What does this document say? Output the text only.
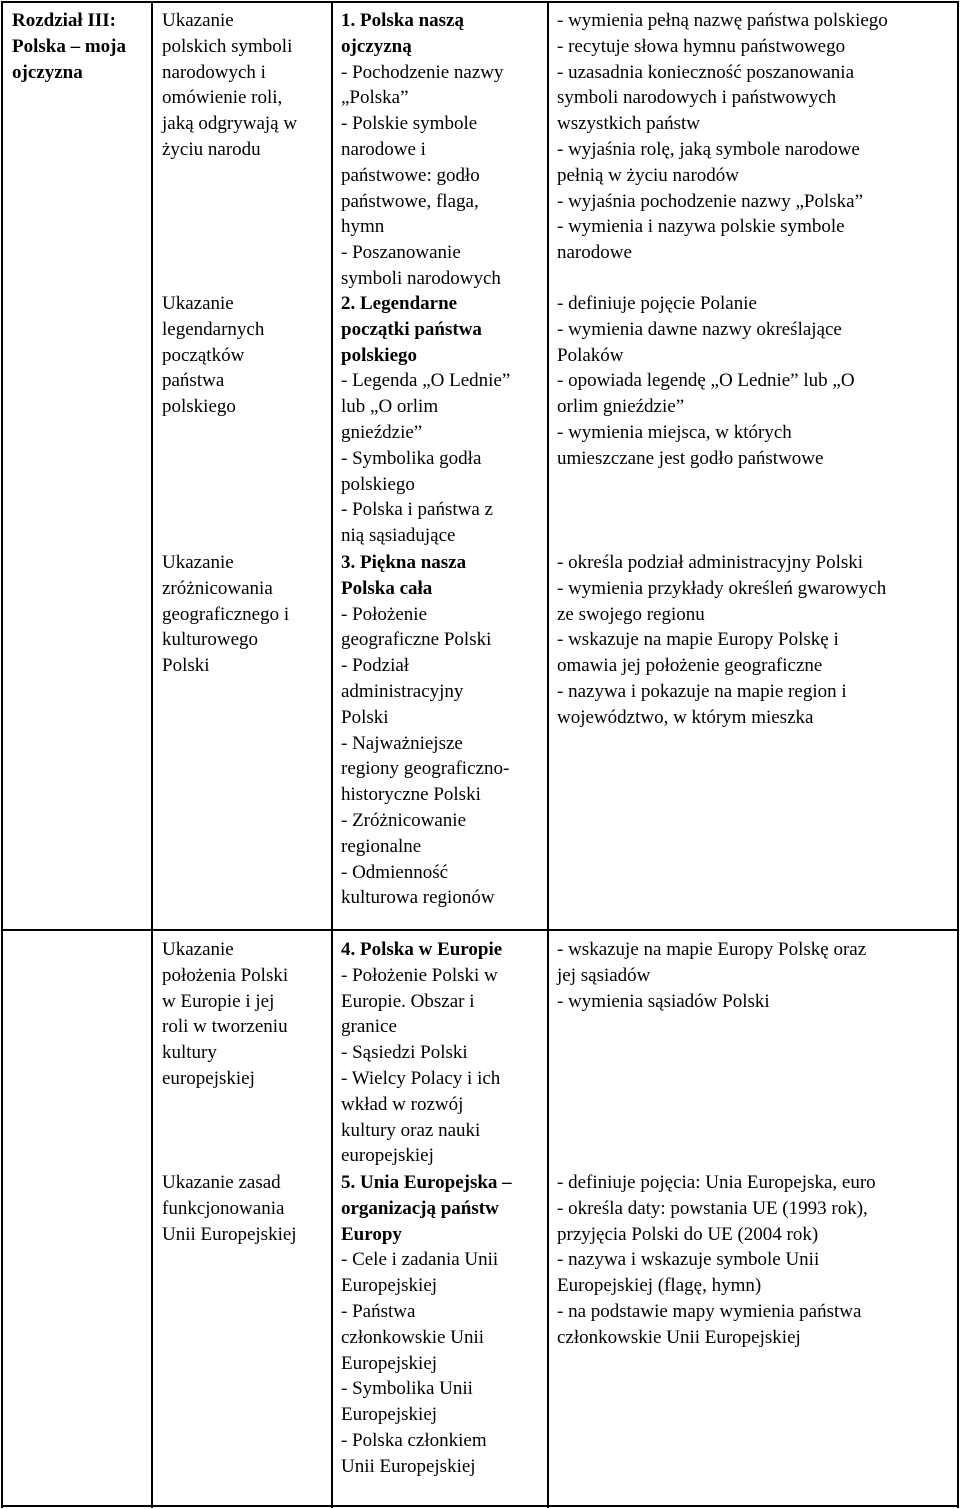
Rozdział III:
Polska – moja
ojczyzna
Ukazanie
polskich symboli
narodowych i
omówienie roli,
jaką odgrywają w
życiu narodu
1. Polska naszą
ojczyzną
- Pochodzenie nazwy
„Polska”
- Polskie symbole
narodowe i
państwowe: godło
państwowe, flaga,
hymn
- Poszanowanie
symboli narodowych
- wymienia pełną nazwę państwa polskiego
- recytuje słowa hymnu państwowego
- uzasadnia konieczność poszanowania
symboli narodowych i państwowych
wszystkich państw
- wyjaśnia rolę, jaką symbole narodowe
pełnią w życiu narodów
- wyjaśnia pochodzenie nazwy „Polska”
- wymienia i nazywa polskie symbole
narodowe
Ukazanie
legendarnych
początków
państwa
polskiego
2. Legendarne
początki państwa
polskiego
- Legenda „O Lednie”
lub „O orlim
gnieździe”
- Symbolika godła
polskiego
- Polska i państwa z
nią sąsiadujące
- definiuje pojęcie Polanie
- wymienia dawne nazwy określające
Polaków
- opowiada legendę „O Lednie” lub „O
orlim gnieździe”
- wymienia miejsca, w których
umieszczane jest godło państwowe
Ukazanie
zróżnicowania
geograficznego i
kulturowego
Polski
3. Piękna nasza
Polska cała
- Położenie
geograficzne Polski
- Podział
administracyjny
Polski
- Najważniejsze
regiony geograficzno-
historyczne Polski
- Zróżnicowanie
regionalne
- Odmienność
kulturowa regionów
- określa podział administracyjny Polski
- wymienia przykłady określeń gwarowych
ze swojego regionu
- wskazuje na mapie Europy Polskę i
omawia jej położenie geograficzne
- nazywa i pokazuje na mapie region i
województwo, w którym mieszka
Ukazanie
położenia Polski
w Europie i jej
roli w tworzeniu
kultury
europejskiej
4. Polska w Europie
- Położenie Polski w
Europie. Obszar i
granice
- Sąsiedzi Polski
- Wielcy Polacy i ich
wkład w rozwój
kultury oraz nauki
europejskiej
- wskazuje na mapie Europy Polskę oraz
jej sąsiadów
- wymienia sąsiadów Polski
Ukazanie zasad
funkcjonowania
Unii Europejskiej
5. Unia Europejska –
organizacją państw
Europy
- Cele i zadania Unii
Europejskiej
- Państwa
członkowskie Unii
Europejskiej
- Symbolika Unii
Europejskiej
- Polska członkiem
Unii Europejskiej
- definiuje pojęcia: Unia Europejska, euro
- określa daty: powstania UE (1993 rok),
przyjęcia Polski do UE (2004 rok)
- nazywa i wskazuje symbole Unii
Europejskiej (flagę, hymn)
- na podstawie mapy wymienia państwa
członkowskie Unii Europejskiej
